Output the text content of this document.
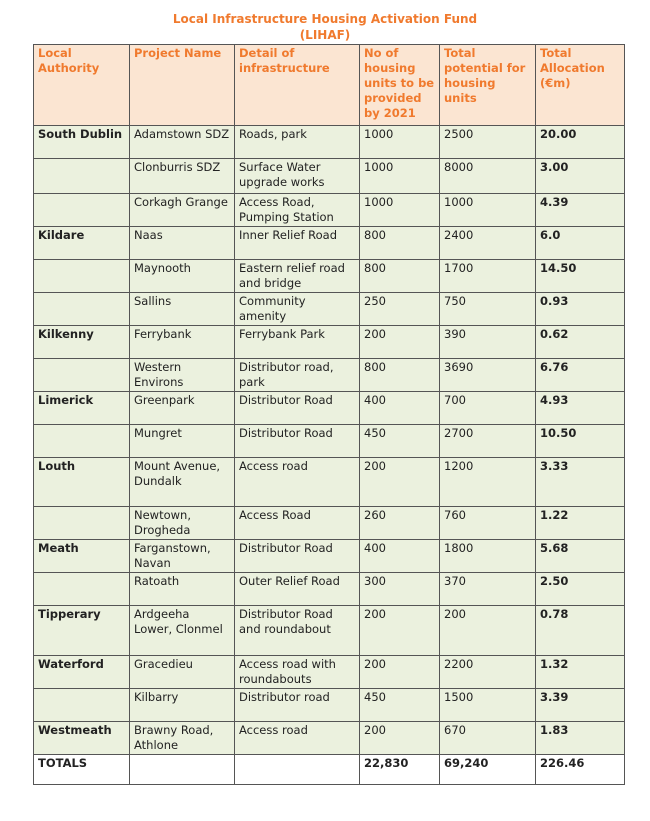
Local Infrastructure Housing Activation Fund
(LIHAF)
Local Authority	Project Name	Detail of infrastructure	No of housing units to be provided by 2021	Total potential for housing units	Total Allocation (€m)
South Dublin	Adamstown SDZ	Roads, park	1000	2500	20.00
	Clonburris SDZ	Surface Water upgrade works	1000	8000	3.00
	Corkagh Grange	Access Road, Pumping Station	1000	1000	4.39
Kildare	Naas	Inner Relief Road	800	2400	6.0
	Maynooth	Eastern relief road and bridge	800	1700	14.50
	Sallins	Community amenity	250	750	0.93
Kilkenny	Ferrybank	Ferrybank Park	200	390	0.62
	Western Environs	Distributor road, park	800	3690	6.76
Limerick	Greenpark	Distributor Road	400	700	4.93
	Mungret	Distributor Road	450	2700	10.50
Louth	Mount Avenue, Dundalk	Access road	200	1200	3.33
	Newtown, Drogheda	Access Road	260	760	1.22
Meath	Farganstown, Navan	Distributor Road	400	1800	5.68
	Ratoath	Outer Relief Road	300	370	2.50
Tipperary	Ardgeeha Lower, Clonmel	Distributor Road and roundabout	200	200	0.78
Waterford	Gracedieu	Access road with roundabouts	200	2200	1.32
	Kilbarry	Distributor road	450	1500	3.39
Westmeath	Brawny Road, Athlone	Access road	200	670	1.83
TOTALS			22,830	69,240	226.46
